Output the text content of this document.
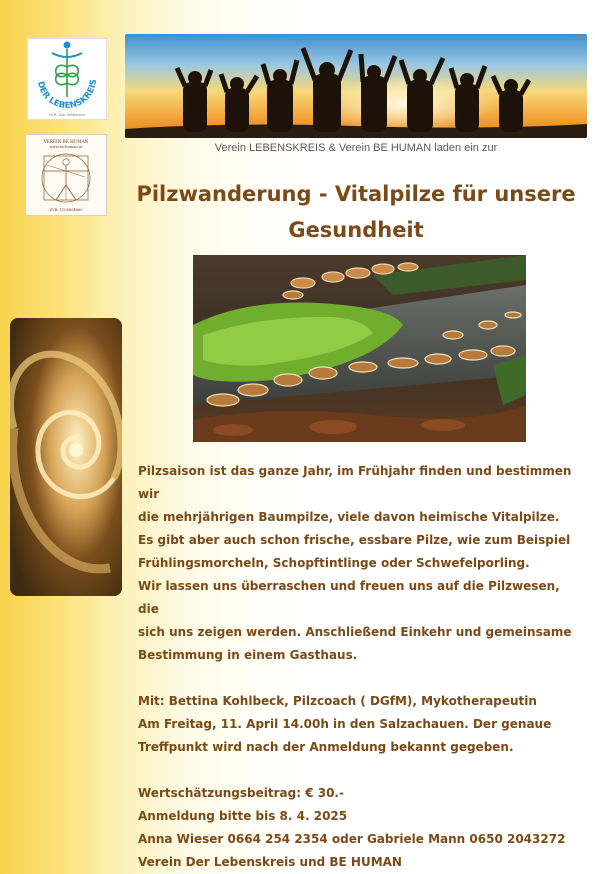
DER LEBENSKREIS
Dr.R. Zus. Wöltmann
VEREIN BE HUMAN
www.be-human.at
ZVR: 1108804860
Verein LEBENSKREIS & Verein BE HUMAN laden ein zur
Pilzwanderung - Vitalpilze für unsere Gesundheit

Pilzsaison ist das ganze Jahr, im Frühjahr finden und bestimmen wir

die mehrjährigen Baumpilze, viele davon heimische Vitalpilze.

Es gibt aber auch schon frische, essbare Pilze, wie zum Beispiel

Frühlingsmorcheln, Schopftintlinge oder Schwefelporling.

Wir lassen uns überraschen und freuen uns auf die Pilzwesen, die

sich uns zeigen werden. Anschließend Einkehr und gemeinsame

Bestimmung in einem Gasthaus.

Mit: Bettina Kohlbeck, Pilzcoach ( DGfM), Mykotherapeutin

Am Freitag, 11. April 14.00h in den Salzachauen. Der genaue

Treffpunkt wird nach der Anmeldung bekannt gegeben.

Wertschätzungsbeitrag: € 30.-

Anmeldung bitte bis 8. 4. 2025

Anna Wieser 0664 254 2354 oder Gabriele Mann 0650 2043272

Verein Der Lebenskreis und BE HUMAN
